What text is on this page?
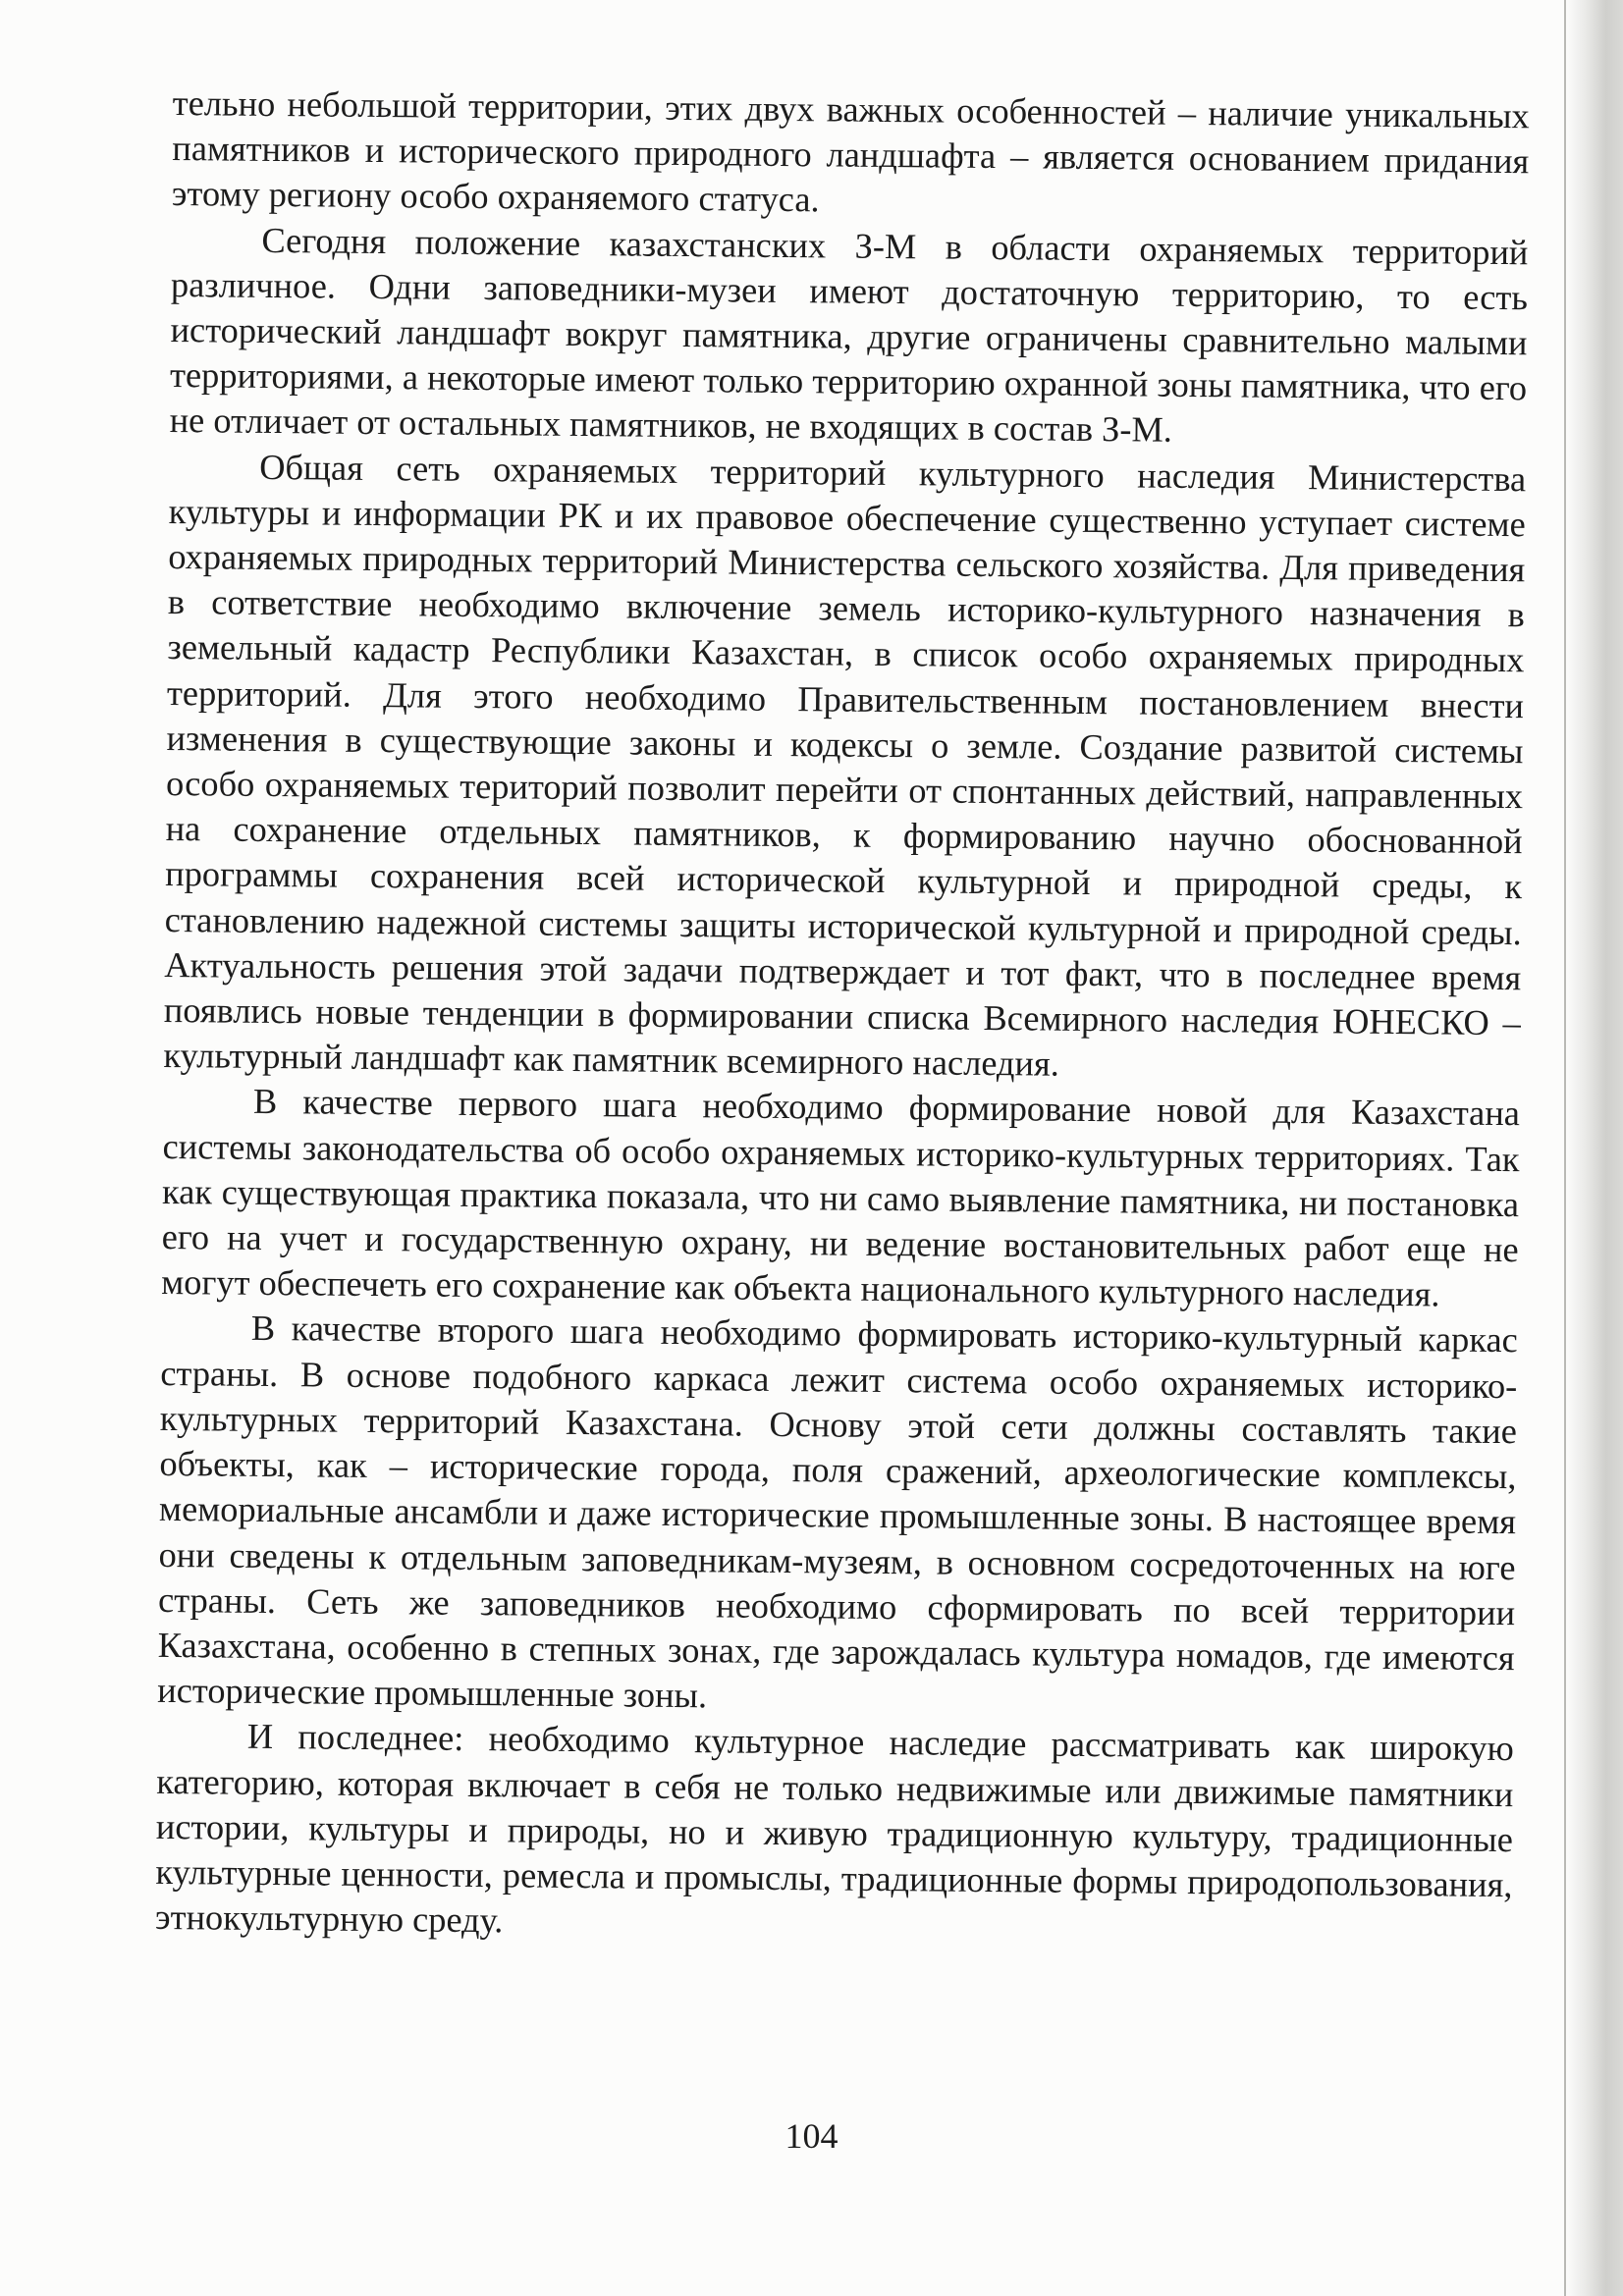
тельно небольшой территории, этих двух важных особенностей – наличие уникальных памятников и исторического природного ландшафта – является основанием придания этому региону особо охраняемого статуса.

Сегодня положение казахстанских З-М в области охраняемых территорий различное. Одни заповедники-музеи имеют достаточную территорию, то есть исторический ландшафт вокруг памятника, другие ограничены сравнительно малыми территориями, а некоторые имеют только территорию охранной зоны памятника, что его не отличает от остальных памятников, не входящих в состав З-М.

Общая сеть охраняемых территорий культурного наследия Министерства культуры и информации РК и их правовое обеспечение существенно уступает системе охраняемых природных территорий Министерства сельского хозяйства. Для приведения в сответствие необходимо включение земель историко-культурного назначения в земельный кадастр Республики Казахстан, в список особо охраняемых природных территорий. Для этого необходимо Правительственным постановлением внести изменения в существующие законы и кодексы о земле. Создание развитой системы особо охраняемых територий позволит перейти от спонтанных действий, направленных на сохранение отдельных памятников, к формированию научно обоснованной программы сохранения всей исторической культурной и природной среды, к становлению надежной системы защиты исторической культурной и природной среды. Актуальность решения этой задачи подтверждает и тот факт, что в последнее время появлись новые тенденции в формировании списка Всемирного наследия ЮНЕСКО – культурный ландшафт как памятник всемирного наследия.

В качестве первого шага необходимо формирование новой для Казахстана системы законодательства об особо охраняемых историко-культурных территориях. Так как существующая практика показала, что ни само выявление памятника, ни постановка его на учет и государственную охрану, ни ведение востановительных работ еще не могут обеспечеть его сохранение как объекта национального культурного наследия.

В качестве второго шага необходимо формировать историко-культурный каркас страны. В основе подобного каркаса лежит система особо охраняемых историко-культурных территорий Казахстана. Основу этой сети должны составлять такие объекты, как – исторические города, поля сражений, археологические комплексы, мемориальные ансамбли и даже исторические промышленные зоны. В настоящее время они сведены к отдельным заповедникам-музеям, в основном сосредоточенных на юге страны. Сеть же заповедников необходимо сформировать по всей территории Казахстана, особенно в степных зонах, где зарождалась культура номадов, где имеются исторические промышленные зоны.

И последнее: необходимо культурное наследие рассматривать как широкую категорию, которая включает в себя не только недвижимые или движимые памятники истории, культуры и природы, но и живую традиционную культуру, традиционные культурные ценности, ремесла и промыслы, традиционные формы природопользования, этнокультурную среду.

104
